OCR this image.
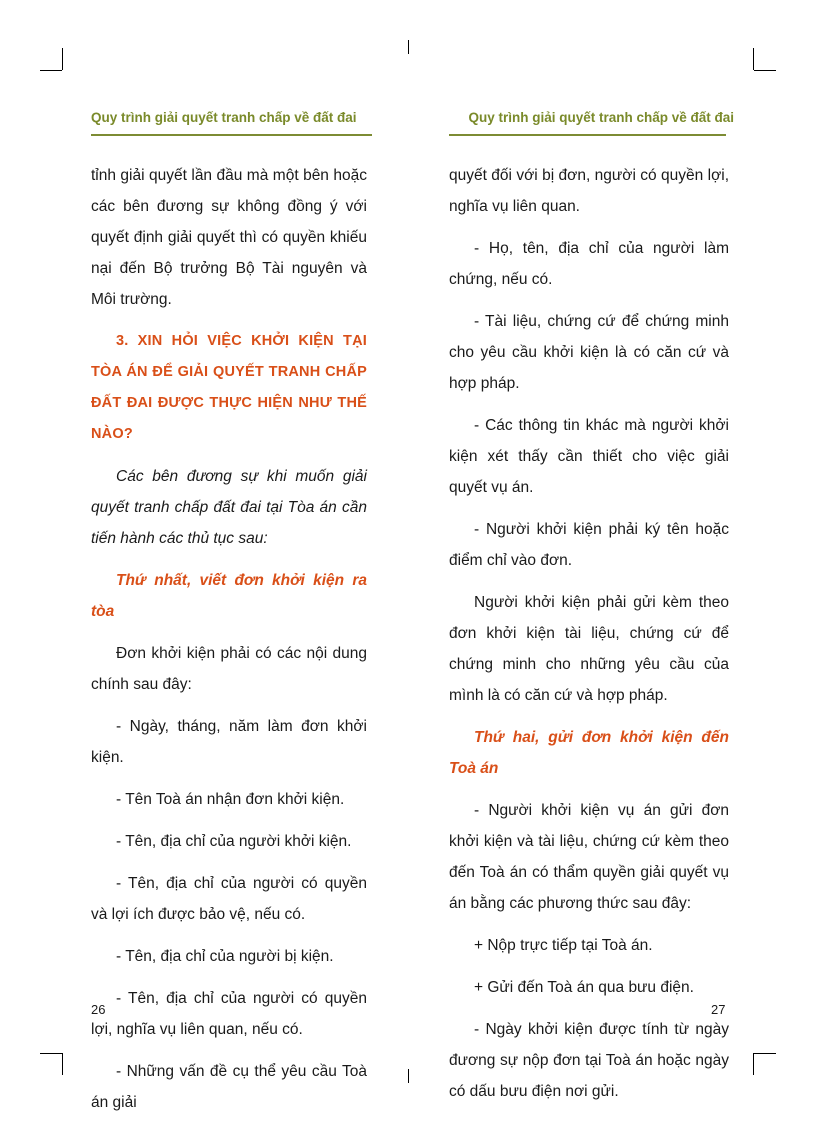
Quy trình giải quyết tranh chấp về đất đai

tỉnh giải quyết lần đầu mà một bên hoặc các bên đương sự không đồng ý với quyết định giải quyết thì có quyền khiếu nại đến Bộ trưởng Bộ Tài nguyên và Môi trường.

3. XIN HỎI VIỆC KHỞI KIỆN TẠI TÒA ÁN ĐỂ GIẢI QUYẾT TRANH CHẤP ĐẤT ĐAI ĐƯỢC THỰC HIỆN NHƯ THẾ NÀO?

Các bên đương sự khi muốn giải quyết tranh chấp đất đai tại Tòa án cần tiến hành các thủ tục sau:

Thứ nhất, viết đơn khởi kiện ra tòa

Đơn khởi kiện phải có các nội dung chính sau đây:

- Ngày, tháng, năm làm đơn khởi kiện.

- Tên Toà án nhận đơn khởi kiện.

- Tên, địa chỉ của người khởi kiện.

- Tên, địa chỉ của người có quyền và lợi ích được bảo vệ, nếu có.

- Tên, địa chỉ của người bị kiện.

- Tên, địa chỉ của người có quyền lợi, nghĩa vụ liên quan, nếu có.

- Những vấn đề cụ thể yêu cầu Toà án giải

26
Quy trình giải quyết tranh chấp về đất đai

quyết đối với bị đơn, người có quyền lợi, nghĩa vụ liên quan.

- Họ, tên, địa chỉ của người làm chứng, nếu có.

- Tài liệu, chứng cứ để chứng minh cho yêu cầu khởi kiện là có căn cứ và hợp pháp.

- Các thông tin khác mà người khởi kiện xét thấy cần thiết cho việc giải quyết vụ án.

- Người khởi kiện phải ký tên hoặc điểm chỉ vào đơn.

Người khởi kiện phải gửi kèm theo đơn khởi kiện tài liệu, chứng cứ để chứng minh cho những yêu cầu của mình là có căn cứ và hợp pháp.

Thứ hai, gửi đơn khởi kiện đến Toà án

- Người khởi kiện vụ án gửi đơn khởi kiện và tài liệu, chứng cứ kèm theo đến Toà án có thẩm quyền giải quyết vụ án bằng các phương thức sau đây:

+ Nộp trực tiếp tại Toà án.

+ Gửi đến Toà án qua bưu điện.

- Ngày khởi kiện được tính từ ngày đương sự nộp đơn tại Toà án hoặc ngày có dấu bưu điện nơi gửi.

27
